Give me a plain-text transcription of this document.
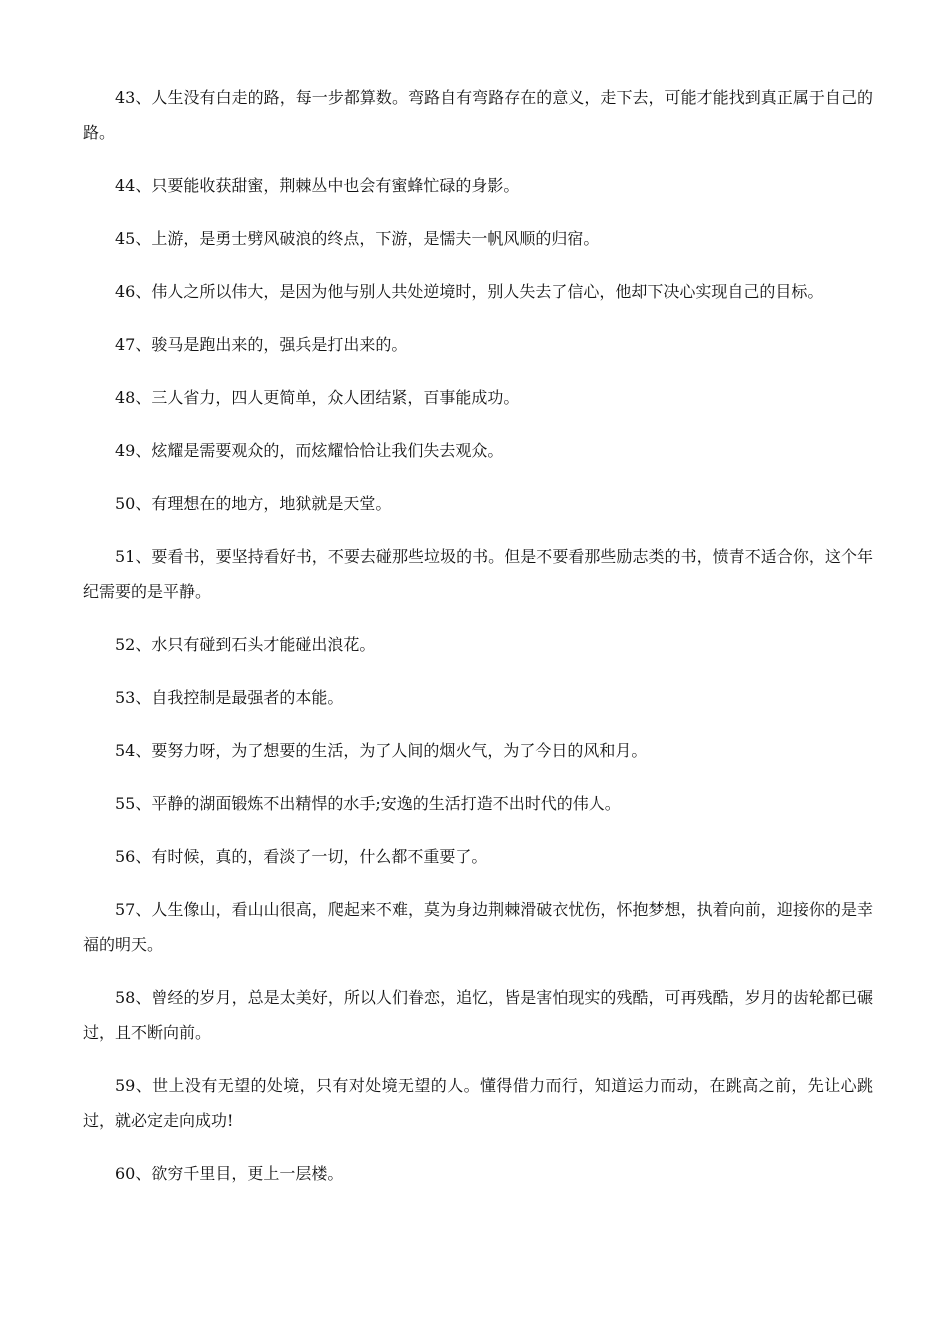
43、人生没有白走的路，每一步都算数。弯路自有弯路存在的意义，走下去，可能才能找到真正属于自己的路。

44、只要能收获甜蜜，荆棘丛中也会有蜜蜂忙碌的身影。

45、上游，是勇士劈风破浪的终点，下游，是懦夫一帆风顺的归宿。

46、伟人之所以伟大，是因为他与别人共处逆境时，别人失去了信心，他却下决心实现自己的目标。

47、骏马是跑出来的，强兵是打出来的。

48、三人省力，四人更简单，众人团结紧，百事能成功。

49、炫耀是需要观众的，而炫耀恰恰让我们失去观众。

50、有理想在的地方，地狱就是天堂。

51、要看书，要坚持看好书，不要去碰那些垃圾的书。但是不要看那些励志类的书，愤青不适合你，这个年纪需要的是平静。

52、水只有碰到石头才能碰出浪花。

53、自我控制是最强者的本能。

54、要努力呀，为了想要的生活，为了人间的烟火气，为了今日的风和月。

55、平静的湖面锻炼不出精悍的水手;安逸的生活打造不出时代的伟人。

56、有时候，真的，看淡了一切，什么都不重要了。

57、人生像山，看山山很高，爬起来不难，莫为身边荆棘滑破衣忧伤，怀抱梦想，执着向前，迎接你的是幸福的明天。

58、曾经的岁月，总是太美好，所以人们眷恋，追忆，皆是害怕现实的残酷，可再残酷，岁月的齿轮都已碾过，且不断向前。

59、世上没有无望的处境，只有对处境无望的人。懂得借力而行，知道运力而动，在跳高之前，先让心跳过，就必定走向成功!

60、欲穷千里目，更上一层楼。
